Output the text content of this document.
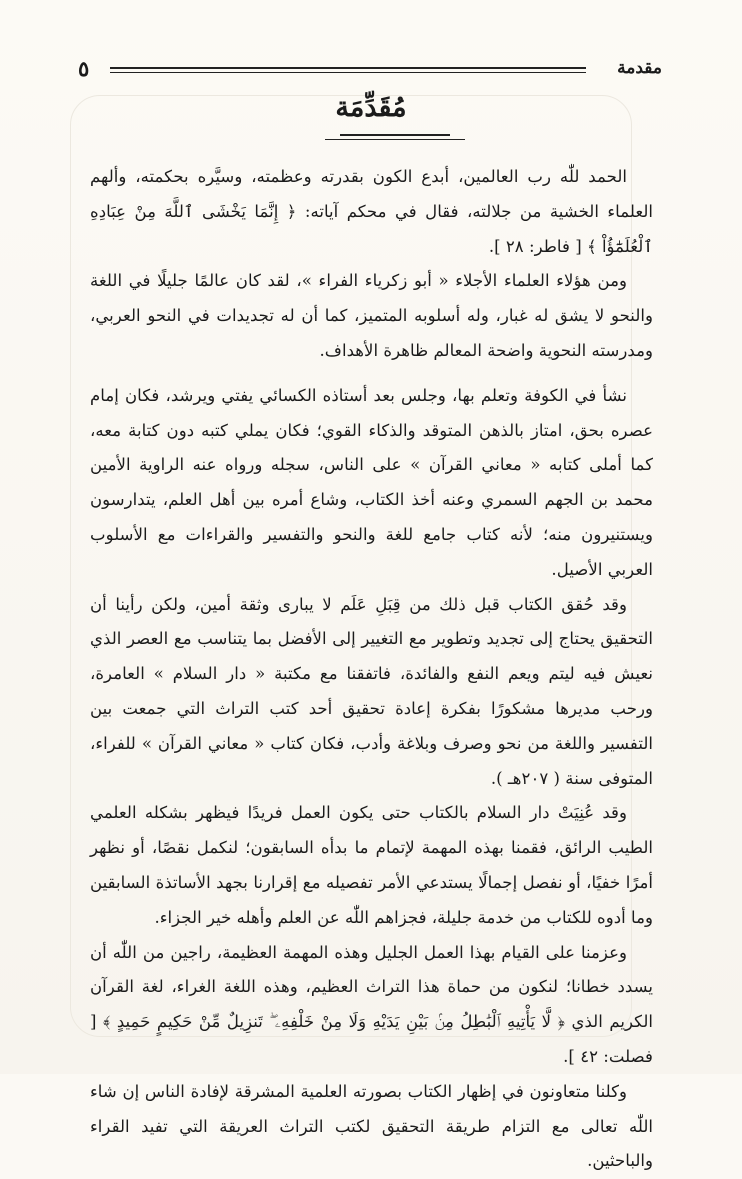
مقدمة
٥
مُقَدِّمَة

الحمد للّٰه رب العالمين، أبدع الكون بقدرته وعظمته، وسيَّره بحكمته، وألهم العلماء الخشية من جلالته، فقال في محكم آياته: ﴿ إِنَّمَا يَخْشَى ٱللَّهَ مِنْ عِبَادِهِ ٱلْعُلَمَٰٓؤُاْ ﴾ [ فاطر: ٢٨ ].

ومن هؤلاء العلماء الأجلاء « أبو زكرياء الفراء »، لقد كان عالمًا جليلًا في اللغة والنحو لا يشق له غبار، وله أسلوبه المتميز، كما أن له تجديدات في النحو العربي، ومدرسته النحوية واضحة المعالم ظاهرة الأهداف.

نشأ في الكوفة وتعلم بها، وجلس بعد أستاذه الكسائي يفتي ويرشد، فكان إمام عصره بحق، امتاز بالذهن المتوقد والذكاء القوي؛ فكان يملي كتبه دون كتابة معه، كما أملى كتابه « معاني القرآن » على الناس، سجله ورواه عنه الراوية الأمين محمد بن الجهم السمري وعنه أخذ الكتاب، وشاع أمره بين أهل العلم، يتدارسون ويستنيرون منه؛ لأنه كتاب جامع للغة والنحو والتفسير والقراءات مع الأسلوب العربي الأصيل.

وقد حُقق الكتاب قبل ذلك من قِبَلِ عَلَم لا يبارى وثقة أمين، ولكن رأينا أن التحقيق يحتاج إلى تجديد وتطوير مع التغيير إلى الأفضل بما يتناسب مع العصر الذي نعيش فيه ليتم ويعم النفع والفائدة، فاتفقنا مع مكتبة « دار السلام » العامرة، ورحب مديرها مشكورًا بفكرة إعادة تحقيق أحد كتب التراث التي جمعت بين التفسير واللغة من نحو وصرف وبلاغة وأدب، فكان كتاب « معاني القرآن » للفراء، المتوفى سنة ( ٢٠٧هـ ).

وقد عُنِيَتْ دار السلام بالكتاب حتى يكون العمل فريدًا فيظهر بشكله العلمي الطيب الرائق، فقمنا بهذه المهمة لإتمام ما بدأه السابقون؛ لنكمل نقصًا، أو نظهر أمرًا خفيًا، أو نفصل إجمالًا يستدعي الأمر تفصيله مع إقرارنا بجهد الأساتذة السابقين وما أدوه للكتاب من خدمة جليلة، فجزاهم اللّٰه عن العلم وأهله خير الجزاء.

وعزمنا على القيام بهذا العمل الجليل وهذه المهمة العظيمة، راجين من اللّٰه أن يسدد خطانا؛ لنكون من حماة هذا التراث العظيم، وهذه اللغة الغراء، لغة القرآن الكريم الذي ﴿ لَّا يَأْتِيهِ ٱلْبَٰطِلُ مِنۢ بَيْنِ يَدَيْهِ وَلَا مِنْ خَلْفِهِۦ ۖ تَنزِيلٌ مِّنْ حَكِيمٍ حَمِيدٍ ﴾ [ فصلت: ٤٢ ].

وكلنا متعاونون في إظهار الكتاب بصورته العلمية المشرقة لإفادة الناس إن شاء اللّٰه تعالى مع التزام طريقة التحقيق لكتب التراث العريقة التي تفيد القراء والباحثين.
